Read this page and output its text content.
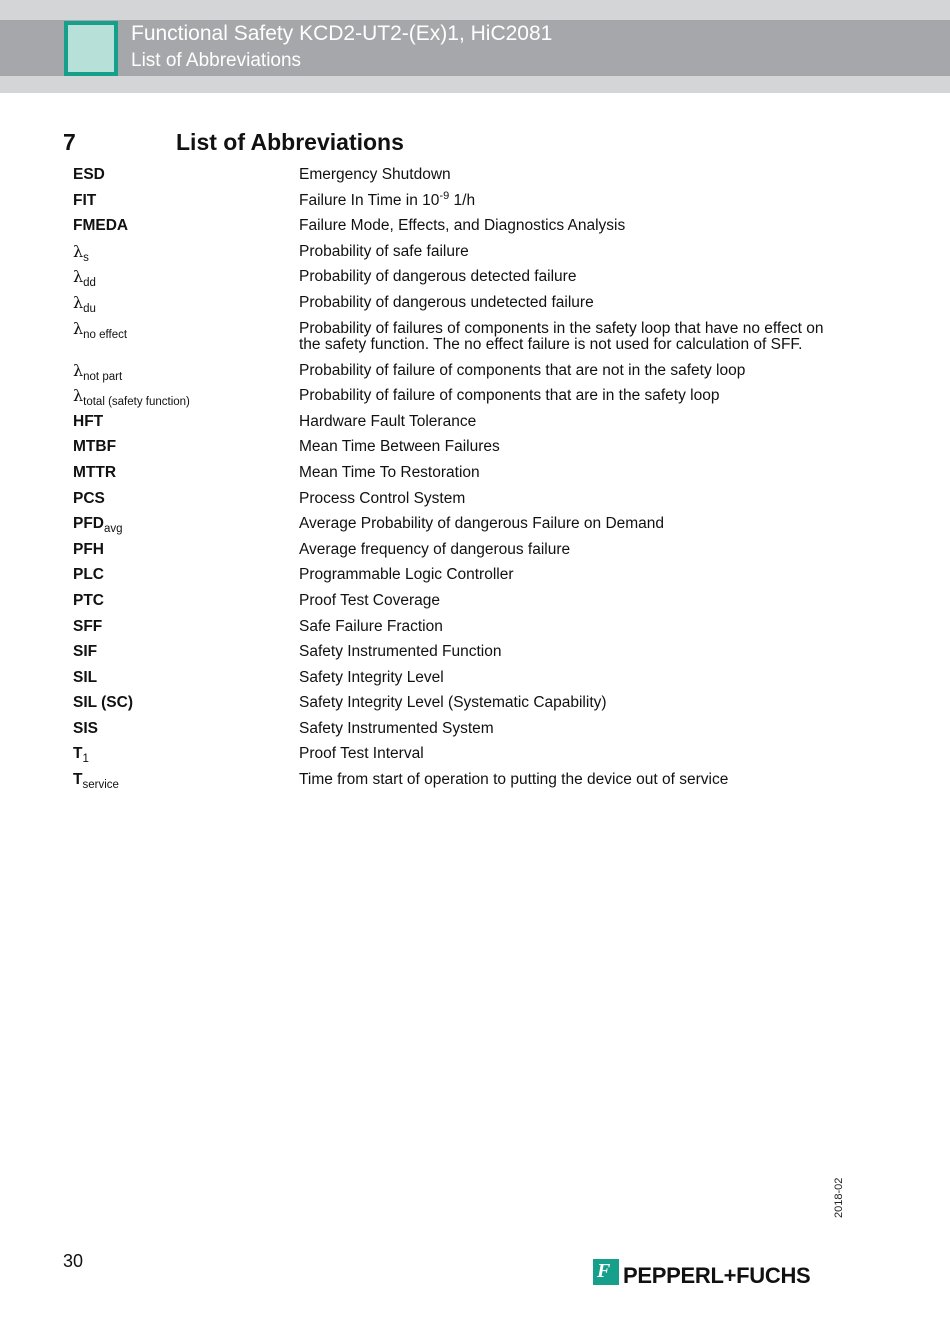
Functional Safety KCD2-UT2-(Ex)1, HiC2081
List of Abbreviations
7	List of Abbreviations
ESD	Emergency Shutdown
FIT	Failure In Time in $10^{-9}$ 1/h
FMEDA	Failure Mode, Effects, and Diagnostics Analysis
$\lambda_s$	Probability of safe failure
$\lambda_{dd}$	Probability of dangerous detected failure
$\lambda_{du}$	Probability of dangerous undetected failure
$\lambda_{no effect}$	Probability of failures of components in the safety loop that have no effect on the safety function. The no effect failure is not used for calculation of SFF.
$\lambda_{not part}$	Probability of failure of components that are not in the safety loop
$\lambda_{total (safety function)}$	Probability of failure of components that are in the safety loop
HFT	Hardware Fault Tolerance
MTBF	Mean Time Between Failures
MTTR	Mean Time To Restoration
PCS	Process Control System
$PFD_{avg}$	Average Probability of dangerous Failure on Demand
PFH	Average frequency of dangerous failure
PLC	Programmable Logic Controller
PTC	Proof Test Coverage
SFF	Safe Failure Fraction
SIF	Safety Instrumented Function
SIL	Safety Integrity Level
SIL (SC)	Safety Integrity Level (Systematic Capability)
SIS	Safety Instrumented System
$T_1$	Proof Test Interval
$T_{service}$	Time from start of operation to putting the device out of service
2018-02
30	F PEPPERL+FUCHS
